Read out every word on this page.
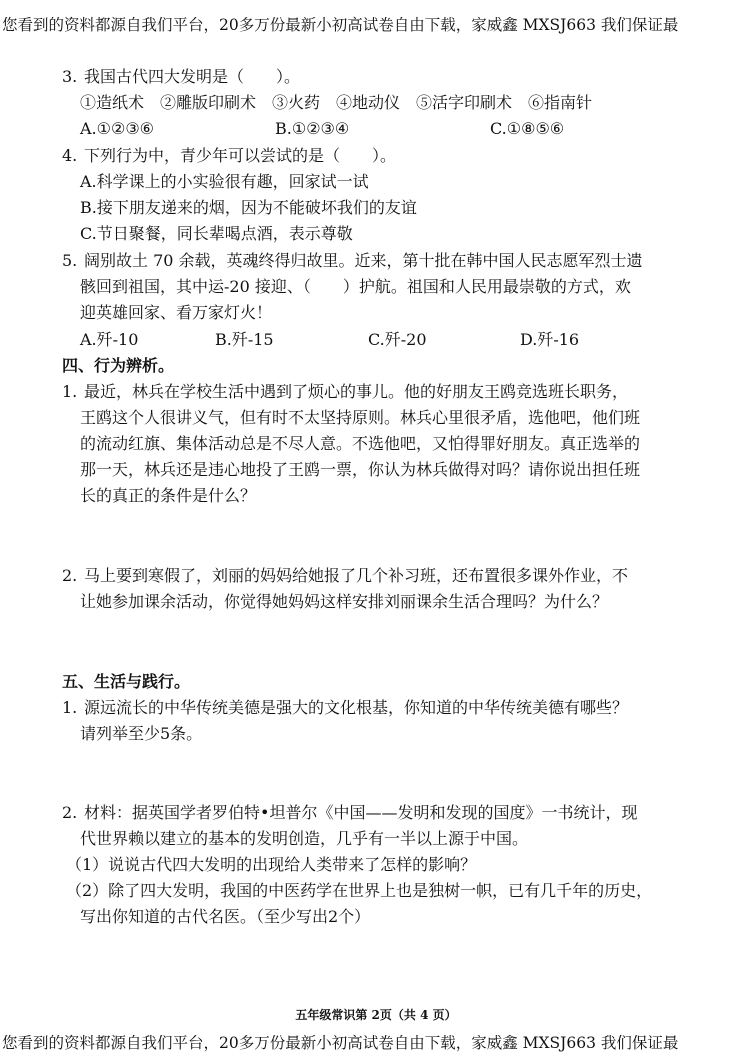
您看到的资料都源自我们平台，20多万份最新小初高试卷自由下载，家威鑫 MXSJ663 我们保证最
3. 我国古代四大发明是（　　）。
①造纸术　②雕版印刷术　③火药　④地动仪　⑤活字印刷术　⑥指南针
A.①②③⑥	B.①②③④	C.①⑧⑤⑥
4. 下列行为中，青少年可以尝试的是（　　）。
A.科学课上的小实验很有趣，回家试一试
B.接下朋友递来的烟，因为不能破坏我们的友谊
C.节日聚餐，同长辈喝点酒，表示尊敬
5. 阔别故土 70 余载，英魂终得归故里。近来，第十批在韩中国人民志愿军烈士遗
骸回到祖国，其中运-20 接迎、（　　）护航。祖国和人民用最崇敬的方式，欢
迎英雄回家、看万家灯火！
A.歼-10	B.歼-15	C.歼-20	D.歼-16
四、行为辨析。
1. 最近，林兵在学校生活中遇到了烦心的事儿。他的好朋友王鸥竞选班长职务，
王鸥这个人很讲义气，但有时不太坚持原则。林兵心里很矛盾，选他吧，他们班
的流动红旗、集体活动总是不尽人意。不选他吧，又怕得罪好朋友。真正选举的
那一天，林兵还是违心地投了王鸥一票，你认为林兵做得对吗？请你说出担任班
长的真正的条件是什么？
2. 马上要到寒假了，刘丽的妈妈给她报了几个补习班，还布置很多课外作业，不
让她参加课余活动，你觉得她妈妈这样安排刘丽课余生活合理吗？为什么？
五、生活与践行。
1. 源远流长的中华传统美德是强大的文化根基，你知道的中华传统美德有哪些？
请列举至少5条。
2. 材料：据英国学者罗伯特•坦普尔《中国——发明和发现的国度》一书统计，现
代世界赖以建立的基本的发明创造，几乎有一半以上源于中国。
（1）说说古代四大发明的出现给人类带来了怎样的影响？
（2）除了四大发明，我国的中医药学在世界上也是独树一帜，已有几千年的历史，
写出你知道的古代名医。（至少写出2个）
五年级常识第 2页（共 4 页）
您看到的资料都源自我们平台，20多万份最新小初高试卷自由下载，家威鑫 MXSJ663 我们保证最
